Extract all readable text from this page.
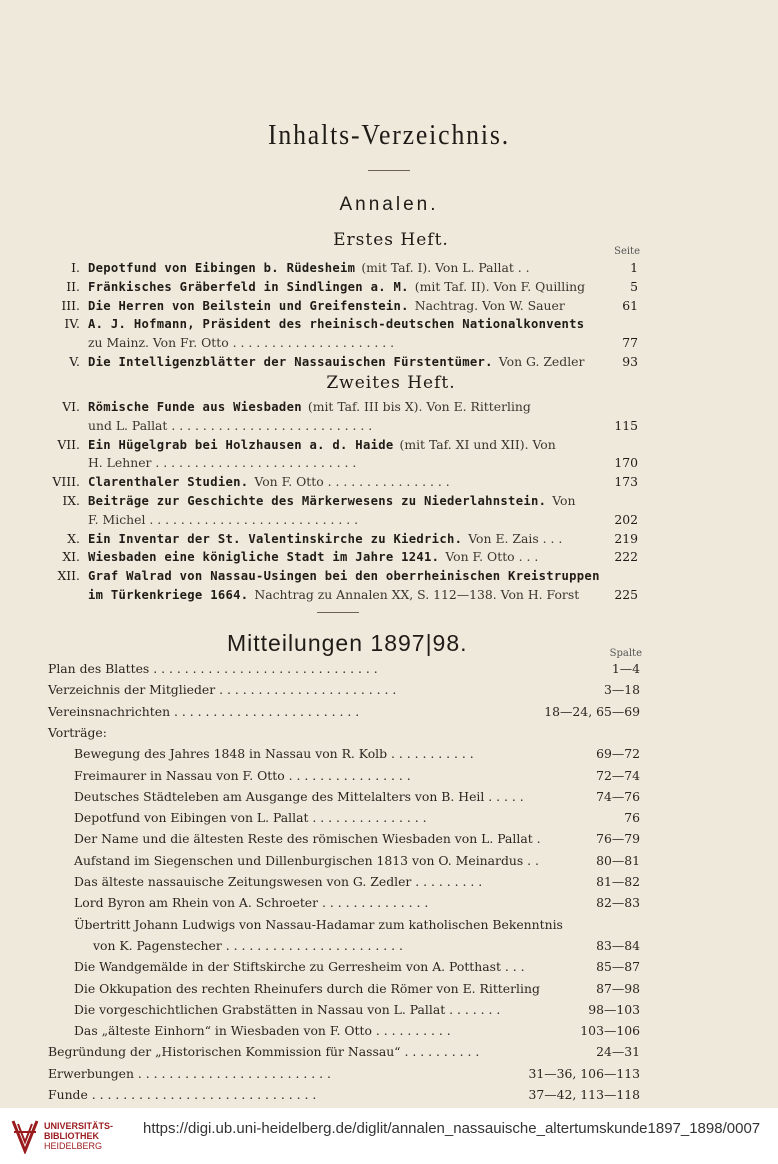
Inhalts-Verzeichnis.
Annalen.
Erstes Heft.
Seite
I. Depotfund von Eibingen b. Rüdesheim (mit Taf. I). Von L. Pallat . .	1
II. Fränkisches Gräberfeld in Sindlingen a. M. (mit Taf. II). Von F. Quilling	5
III. Die Herren von Beilstein und Greifenstein. Nachtrag. Von W. Sauer	61
IV. A. J. Hofmann, Präsident des rheinisch-deutschen Nationalkonvents
zu Mainz. Von Fr. Otto . . . . . . . . . . . . . . . . . . . . .	77
V. Die Intelligenzblätter der Nassauischen Fürstentümer. Von G. Zedler	93
Zweites Heft.
VI. Römische Funde aus Wiesbaden (mit Taf. III bis X). Von E. Ritterling
und L. Pallat . . . . . . . . . . . . . . . . . . . . . . . . . .	115
VII. Ein Hügelgrab bei Holzhausen a. d. Haide (mit Taf. XI und XII). Von
H. Lehner . . . . . . . . . . . . . . . . . . . . . . . . . .	170
VIII. Clarenthaler Studien. Von F. Otto . . . . . . . . . . . . . . . .	173
IX. Beiträge zur Geschichte des Märkerwesens zu Niederlahnstein. Von
F. Michel . . . . . . . . . . . . . . . . . . . . . . . . . . .	202
X. Ein Inventar der St. Valentinskirche zu Kiedrich. Von E. Zais . . .	219
XI. Wiesbaden eine königliche Stadt im Jahre 1241. Von F. Otto . . .	222
XII. Graf Walrad von Nassau-Usingen bei den oberrheinischen Kreistruppen
im Türkenkriege 1664. Nachtrag zu Annalen XX, S. 112—138. Von H. Forst	225
Mitteilungen 1897|98.	Spalte
Plan des Blattes . . . . . . . . . . . . . . . . . . . . . . . . . . . . .	1—4
Verzeichnis der Mitglieder . . . . . . . . . . . . . . . . . . . . . . .	3—18
Vereinsnachrichten . . . . . . . . . . . . . . . . . . . . . . . .	18—24, 65—69
Vorträge:
Bewegung des Jahres 1848 in Nassau von R. Kolb . . . . . . . . . . .	69—72
Freimaurer in Nassau von F. Otto . . . . . . . . . . . . . . . .	72—74
Deutsches Städteleben am Ausgange des Mittelalters von B. Heil . . . . .	74—76
Depotfund von Eibingen von L. Pallat . . . . . . . . . . . . . . .	76
Der Name und die ältesten Reste des römischen Wiesbaden von L. Pallat .	76—79
Aufstand im Siegenschen und Dillenburgischen 1813 von O. Meinardus . .	80—81
Das älteste nassauische Zeitungswesen von G. Zedler . . . . . . . . .	81—82
Lord Byron am Rhein von A. Schroeter . . . . . . . . . . . . . .	82—83
Übertritt Johann Ludwigs von Nassau-Hadamar zum katholischen Bekenntnis
von K. Pagenstecher . . . . . . . . . . . . . . . . . . . . . . .	83—84
Die Wandgemälde in der Stiftskirche zu Gerresheim von A. Potthast . . .	85—87
Die Okkupation des rechten Rheinufers durch die Römer von E. Ritterling	87—98
Die vorgeschichtlichen Grabstätten in Nassau von L. Pallat . . . . . . .	98—103
Das „älteste Einhorn“ in Wiesbaden von F. Otto . . . . . . . . . .	103—106
Begründung der „Historischen Kommission für Nassau“ . . . . . . . . . .	24—31
Erwerbungen . . . . . . . . . . . . . . . . . . . . . . . . .	31—36, 106—113
Funde . . . . . . . . . . . . . . . . . . . . . . . . . . . . .	37—42, 113—118
UNIVERSITÄTS-
BIBLIOTHEK
HEIDELBERG
https://digi.ub.uni-heidelberg.de/diglit/annalen_nassauische_altertumskunde1897_1898/0007
